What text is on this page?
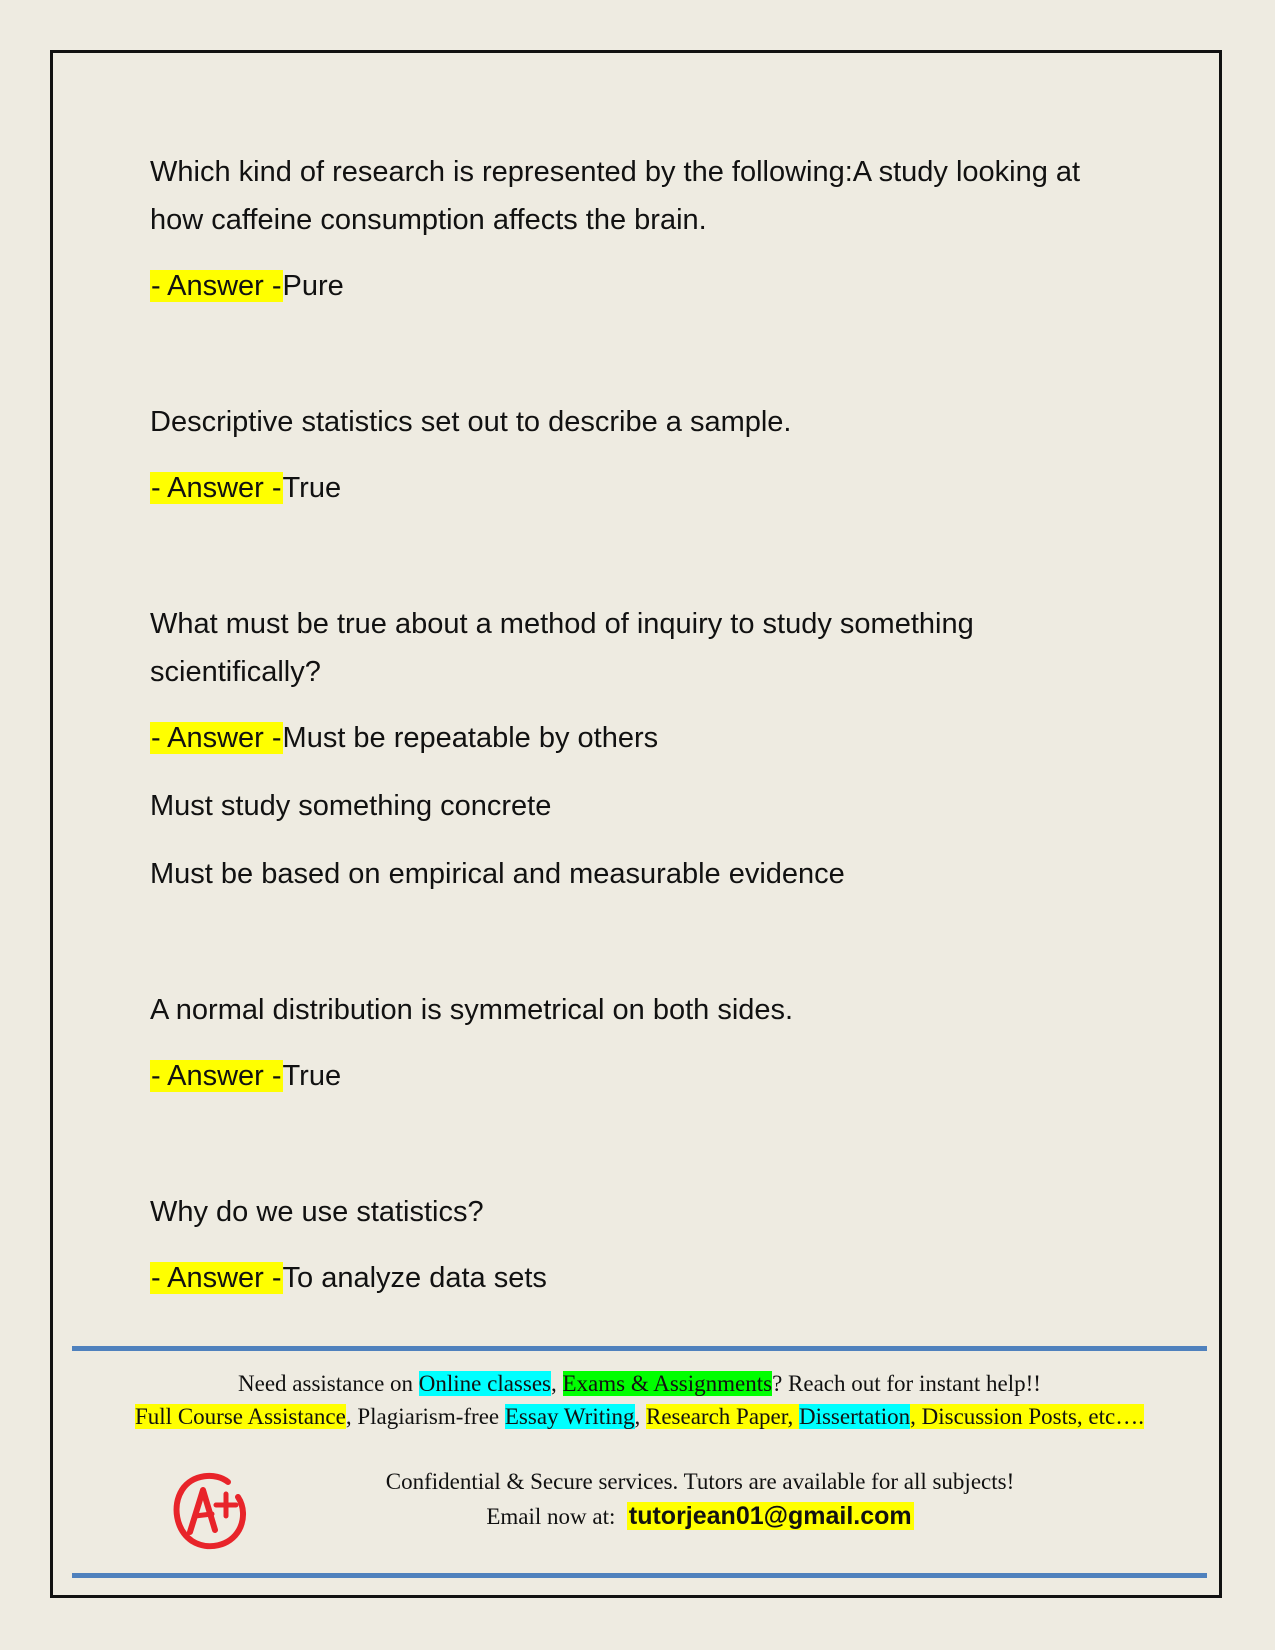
Which kind of research is represented by the following:A study looking at how caffeine consumption affects the brain.

- Answer -Pure

Descriptive statistics set out to describe a sample.

- Answer -True

What must be true about a method of inquiry to study something scientifically?

- Answer -Must be repeatable by others

Must study something concrete

Must be based on empirical and measurable evidence

A normal distribution is symmetrical on both sides.

- Answer -True

Why do we use statistics?

- Answer -To analyze data sets

Need assistance on Online classes, Exams & Assignments? Reach out for instant help!!
Full Course Assistance, Plagiarism-free Essay Writing, Research Paper, Dissertation, Discussion Posts, etc….
Confidential & Secure services. Tutors are available for all subjects!
Email now at:  tutorjean01@gmail.com
